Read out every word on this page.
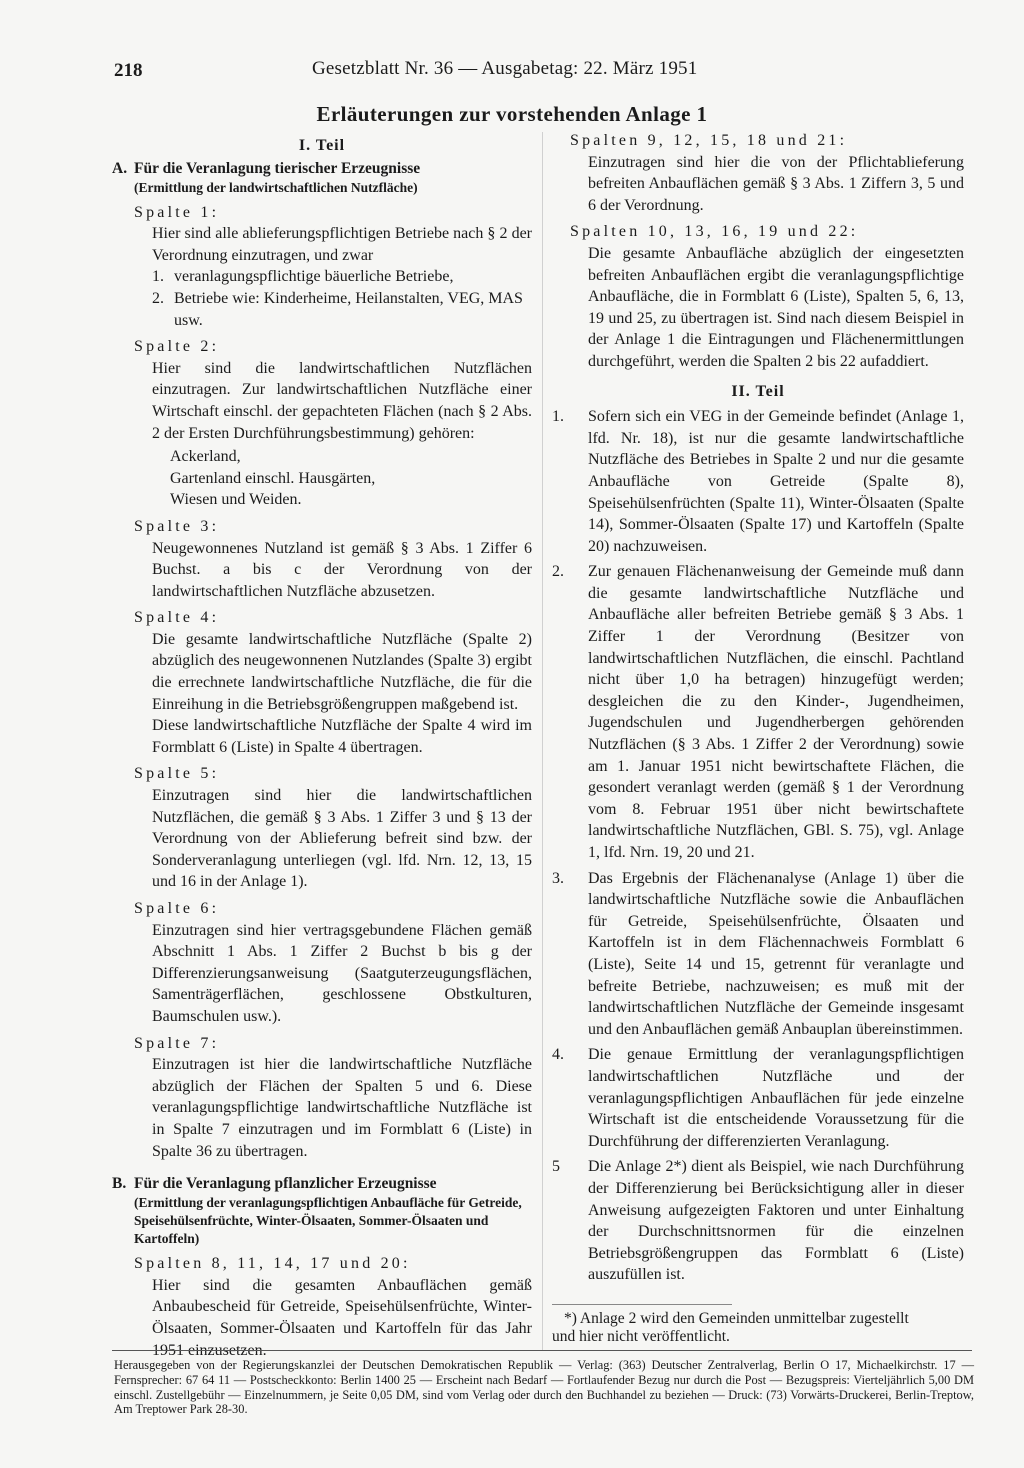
218	Gesetzblatt Nr. 36 — Ausgabetag: 22. März 1951
Erläuterungen zur vorstehenden Anlage 1
I. Teil
A. Für die Veranlagung tierischer Erzeugnisse
(Ermittlung der landwirtschaftlichen Nutzfläche)
Spalte 1:
Hier sind alle ablieferungspflichtigen Betriebe nach § 2 der Verordnung einzutragen, und zwar
1. veranlagungspflichtige bäuerliche Betriebe,
2. Betriebe wie: Kinderheime, Heilanstalten, VEG, MAS usw.
Spalte 2:
Hier sind die landwirtschaftlichen Nutzflächen einzutragen. Zur landwirtschaftlichen Nutzfläche einer Wirtschaft einschl. der gepachteten Flächen (nach § 2 Abs. 2 der Ersten Durchführungsbestimmung) gehören:
Ackerland,
Gartenland einschl. Hausgärten,
Wiesen und Weiden.
Spalte 3:
Neugewonnenes Nutzland ist gemäß § 3 Abs. 1 Ziffer 6 Buchst. a bis c der Verordnung von der landwirtschaftlichen Nutzfläche abzusetzen.
Spalte 4:
Die gesamte landwirtschaftliche Nutzfläche (Spalte 2) abzüglich des neugewonnenen Nutzlandes (Spalte 3) ergibt die errechnete landwirtschaftliche Nutzfläche, die für die Einreihung in die Betriebsgrößengruppen maßgebend ist.
Diese landwirtschaftliche Nutzfläche der Spalte 4 wird im Formblatt 6 (Liste) in Spalte 4 übertragen.
Spalte 5:
Einzutragen sind hier die landwirtschaftlichen Nutzflächen, die gemäß § 3 Abs. 1 Ziffer 3 und § 13 der Verordnung von der Ablieferung befreit sind bzw. der Sonderveranlagung unterliegen (vgl. lfd. Nrn. 12, 13, 15 und 16 in der Anlage 1).
Spalte 6:
Einzutragen sind hier vertragsgebundene Flächen gemäß Abschnitt 1 Abs. 1 Ziffer 2 Buchst b bis g der Differenzierungsanweisung (Saatguterzeugungsflächen, Samenträgerflächen, geschlossene Obstkulturen, Baumschulen usw.).
Spalte 7:
Einzutragen ist hier die landwirtschaftliche Nutzfläche abzüglich der Flächen der Spalten 5 und 6. Diese veranlagungspflichtige landwirtschaftliche Nutzfläche ist in Spalte 7 einzutragen und im Formblatt 6 (Liste) in Spalte 36 zu übertragen.
B. Für die Veranlagung pflanzlicher Erzeugnisse
(Ermittlung der veranlagungspflichtigen Anbaufläche für Getreide, Speisehülsenfrüchte, Winter-Ölsaaten, Sommer-Ölsaaten und Kartoffeln)
Spalten 8, 11, 14, 17 und 20:
Hier sind die gesamten Anbauflächen gemäß Anbaubescheid für Getreide, Speisehülsenfrüchte, Winter-Ölsaaten, Sommer-Ölsaaten und Kartoffeln für das Jahr 1951 einzusetzen.
Spalten 9, 12, 15, 18 und 21:
Einzutragen sind hier die von der Pflichtablieferung befreiten Anbauflächen gemäß § 3 Abs. 1 Ziffern 3, 5 und 6 der Verordnung.
Spalten 10, 13, 16, 19 und 22:
Die gesamte Anbaufläche abzüglich der eingesetzten befreiten Anbauflächen ergibt die veranlagungspflichtige Anbaufläche, die in Formblatt 6 (Liste), Spalten 5, 6, 13, 19 und 25, zu übertragen ist. Sind nach diesem Beispiel in der Anlage 1 die Eintragungen und Flächenermittlungen durchgeführt, werden die Spalten 2 bis 22 aufaddiert.
II. Teil
1.	Sofern sich ein VEG in der Gemeinde befindet (Anlage 1, lfd. Nr. 18), ist nur die gesamte landwirtschaftliche Nutzfläche des Betriebes in Spalte 2 und nur die gesamte Anbaufläche von Getreide (Spalte 8), Speisehülsenfrüchten (Spalte 11), Winter-Ölsaaten (Spalte 14), Sommer-Ölsaaten (Spalte 17) und Kartoffeln (Spalte 20) nachzuweisen.
2.	Zur genauen Flächenanweisung der Gemeinde muß dann die gesamte landwirtschaftliche Nutzfläche und Anbaufläche aller befreiten Betriebe gemäß § 3 Abs. 1 Ziffer 1 der Verordnung (Besitzer von landwirtschaftlichen Nutzflächen, die einschl. Pachtland nicht über 1,0 ha betragen) hinzugefügt werden; desgleichen die zu den Kinder-, Jugendheimen, Jugendschulen und Jugendherbergen gehörenden Nutzflächen (§ 3 Abs. 1 Ziffer 2 der Verordnung) sowie am 1. Januar 1951 nicht bewirtschaftete Flächen, die gesondert veranlagt werden (gemäß § 1 der Verordnung vom 8. Februar 1951 über nicht bewirtschaftete landwirtschaftliche Nutzflächen, GBl. S. 75), vgl. Anlage 1, lfd. Nrn. 19, 20 und 21.
3.	Das Ergebnis der Flächenanalyse (Anlage 1) über die landwirtschaftliche Nutzfläche sowie die Anbauflächen für Getreide, Speisehülsenfrüchte, Ölsaaten und Kartoffeln ist in dem Flächennachweis Formblatt 6 (Liste), Seite 14 und 15, getrennt für veranlagte und befreite Betriebe, nachzuweisen; es muß mit der landwirtschaftlichen Nutzfläche der Gemeinde insgesamt und den Anbauflächen gemäß Anbauplan übereinstimmen.
4.	Die genaue Ermittlung der veranlagungspflichtigen landwirtschaftlichen Nutzfläche und der veranlagungspflichtigen Anbauflächen für jede einzelne Wirtschaft ist die entscheidende Voraussetzung für die Durchführung der differenzierten Veranlagung.
5	Die Anlage 2*) dient als Beispiel, wie nach Durchführung der Differenzierung bei Berücksichtigung aller in dieser Anweisung aufgezeigten Faktoren und unter Einhaltung der Durchschnittsnormen für die einzelnen Betriebsgrößengruppen das Formblatt 6 (Liste) auszufüllen ist.
*) Anlage 2 wird den Gemeinden unmittelbar zugestellt
und hier nicht veröffentlicht.
Herausgegeben von der Regierungskanzlei der Deutschen Demokratischen Republik — Verlag: (363) Deutscher Zentralverlag, Berlin O 17, Michaelkirchstr. 17 — Fernsprecher: 67 64 11 — Postscheckkonto: Berlin 1400 25 — Erscheint nach Bedarf — Fortlaufender Bezug nur durch die Post — Bezugspreis: Vierteljährlich 5,00 DM einschl. Zustellgebühr — Einzelnummern, je Seite 0,05 DM, sind vom Verlag oder durch den Buchhandel zu beziehen — Druck: (73) Vorwärts-Druckerei, Berlin-Treptow, Am Treptower Park 28-30.
